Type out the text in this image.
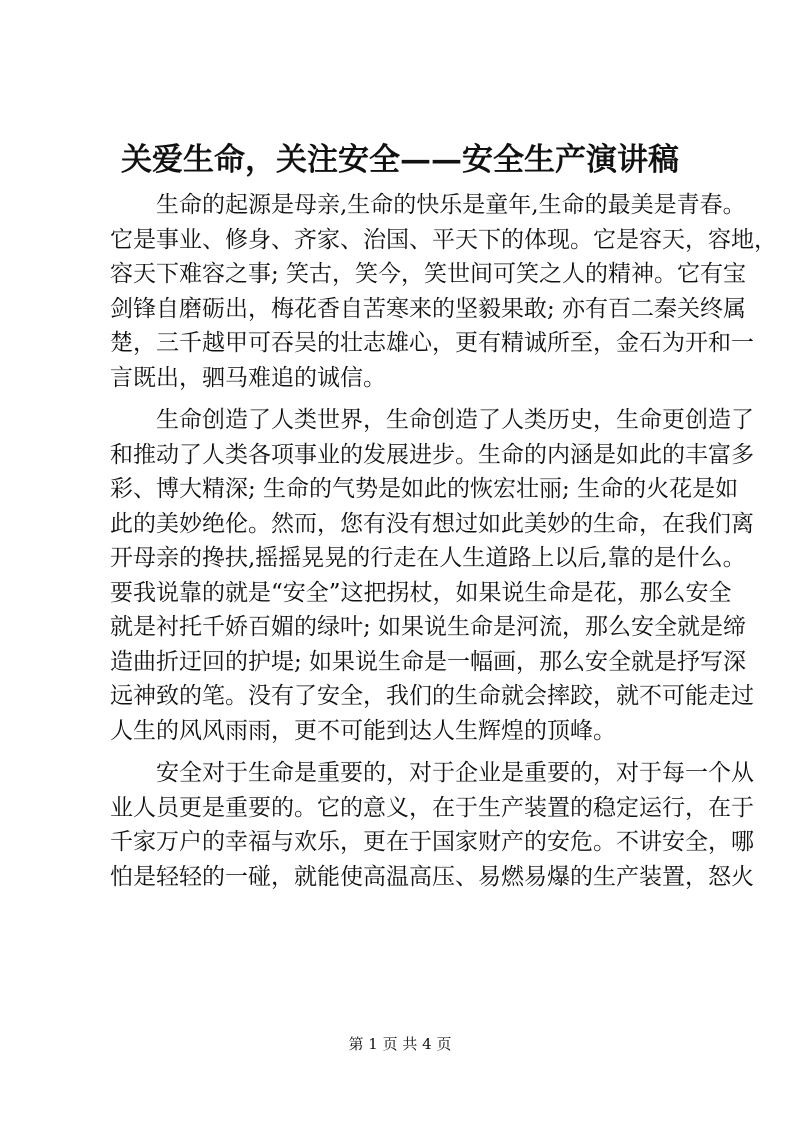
关爱生命，关注安全——安全生产演讲稿
生命的起源是母亲,生命的快乐是童年,生命的最美是青春。
它是事业、修身、齐家、治国、平天下的体现。它是容天，容地，
容天下难容之事; 笑古，笑今，笑世间可笑之人的精神。它有宝
剑锋自磨砺出，梅花香自苦寒来的坚毅果敢; 亦有百二秦关终属
楚，三千越甲可吞吴的壮志雄心，更有精诚所至，金石为开和一
言既出，驷马难追的诚信。
生命创造了人类世界，生命创造了人类历史，生命更创造了
和推动了人类各项事业的发展进步。生命的内涵是如此的丰富多
彩、博大精深; 生命的气势是如此的恢宏壮丽; 生命的火花是如
此的美妙绝伦。然而，您有没有想过如此美妙的生命，在我们离
开母亲的搀扶,摇摇晃晃的行走在人生道路上以后,靠的是什么。
要我说靠的就是“安全”这把拐杖，如果说生命是花，那么安全
就是衬托千娇百媚的绿叶; 如果说生命是河流，那么安全就是缔
造曲折迂回的护堤; 如果说生命是一幅画，那么安全就是抒写深
远神致的笔。没有了安全，我们的生命就会摔跤，就不可能走过
人生的风风雨雨，更不可能到达人生辉煌的顶峰。
安全对于生命是重要的，对于企业是重要的，对于每一个从
业人员更是重要的。它的意义，在于生产装置的稳定运行，在于
千家万户的幸福与欢乐，更在于国家财产的安危。不讲安全，哪
怕是轻轻的一碰，就能使高温高压、易燃易爆的生产装置，怒火
第 1 页 共 4 页
